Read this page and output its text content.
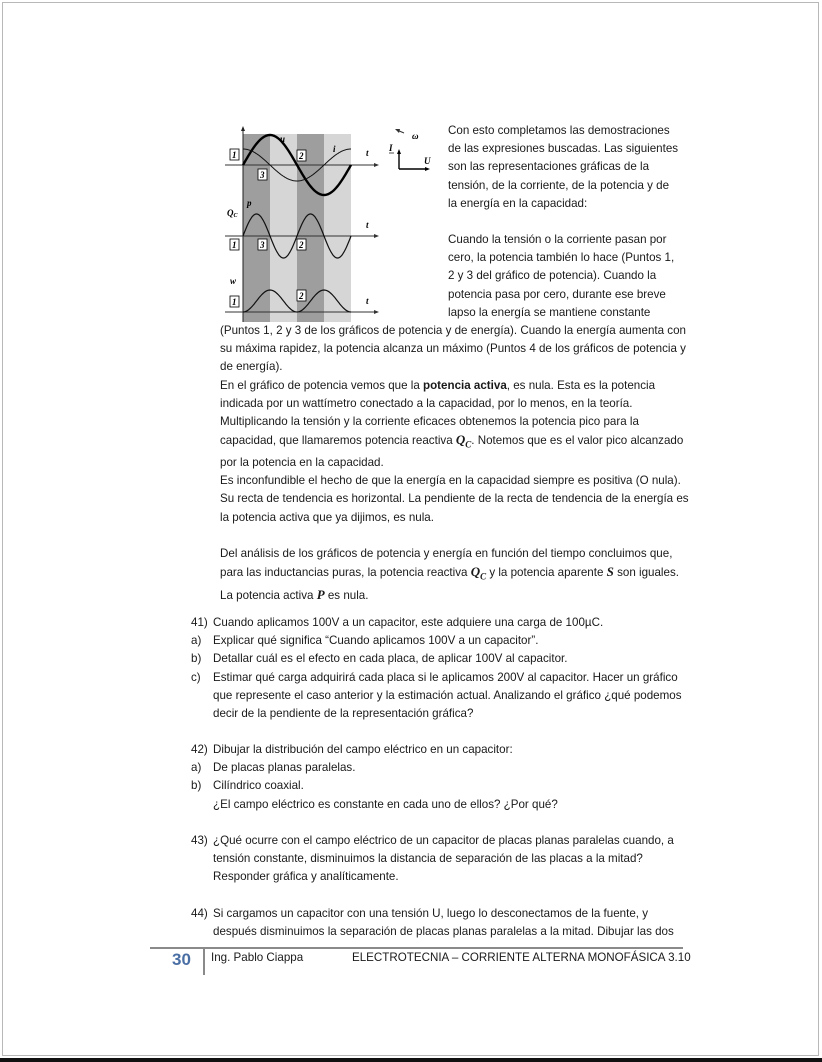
u
i	t
p
QC
t
w
t
1	2
3
1	3	2
1
2
ω
I
U
Con esto completamos las demostraciones
de las expresiones buscadas. Las siguientes
son las representaciones gráficas de la
tensión, de la corriente, de la potencia y de
la energía en la capacidad:
Cuando la tensión o la corriente pasan por
cero, la potencia también lo hace (Puntos 1,
2 y 3 del gráfico de potencia). Cuando la
potencia pasa por cero, durante ese breve
lapso la energía se mantiene constante

(Puntos 1, 2 y 3 de los gráficos de potencia y de energía). Cuando la energía aumenta con su máxima rapidez, la potencia alcanza un máximo (Puntos 4 de los gráficos de potencia y de energía).

En el gráfico de potencia vemos que la potencia activa, es nula. Esta es la potencia indicada por un wattímetro conectado a la capacidad, por lo menos, en la teoría. Multiplicando la tensión y la corriente eficaces obtenemos la potencia pico para la capacidad, que llamaremos potencia reactiva $Q_C$. Notemos que es el valor pico alcanzado por la potencia en la capacidad.

Es inconfundible el hecho de que la energía en la capacidad siempre es positiva (O nula). Su recta de tendencia es horizontal. La pendiente de la recta de tendencia de la energía es la potencia activa que ya dijimos, es nula.

Del análisis de los gráficos de potencia y energía en función del tiempo concluimos que, para las inductancias puras, la potencia reactiva $Q_C$ y la potencia aparente S son iguales. La potencia activa P es nula.

41) Cuando aplicamos 100V a un capacitor, este adquiere una carga de 100µC.
a)	Explicar qué significa “Cuando aplicamos 100V a un capacitor”.
b)	Detallar cuál es el efecto en cada placa, de aplicar 100V al capacitor.
c)	Estimar qué carga adquirirá cada placa si le aplicamos 200V al capacitor. Hacer un gráfico que represente el caso anterior y la estimación actual. Analizando el gráfico ¿qué podemos decir de la pendiente de la representación gráfica?
42) Dibujar la distribución del campo eléctrico en un capacitor:
a)	De placas planas paralelas.
b)	Cilíndrico coaxial.
¿El campo eléctrico es constante en cada uno de ellos? ¿Por qué?
43) ¿Qué ocurre con el campo eléctrico de un capacitor de placas planas paralelas cuando, a tensión constante, disminuimos la distancia de separación de las placas a la mitad? Responder gráfica y analíticamente.
44) Si cargamos un capacitor con una tensión U, luego lo desconectamos de la fuente, y después disminuimos la separación de placas planas paralelas a la mitad. Dibujar las dos
30 Ing. Pablo Ciappa	ELECTROTECNIA – CORRIENTE ALTERNA MONOFÁSICA 3.10
